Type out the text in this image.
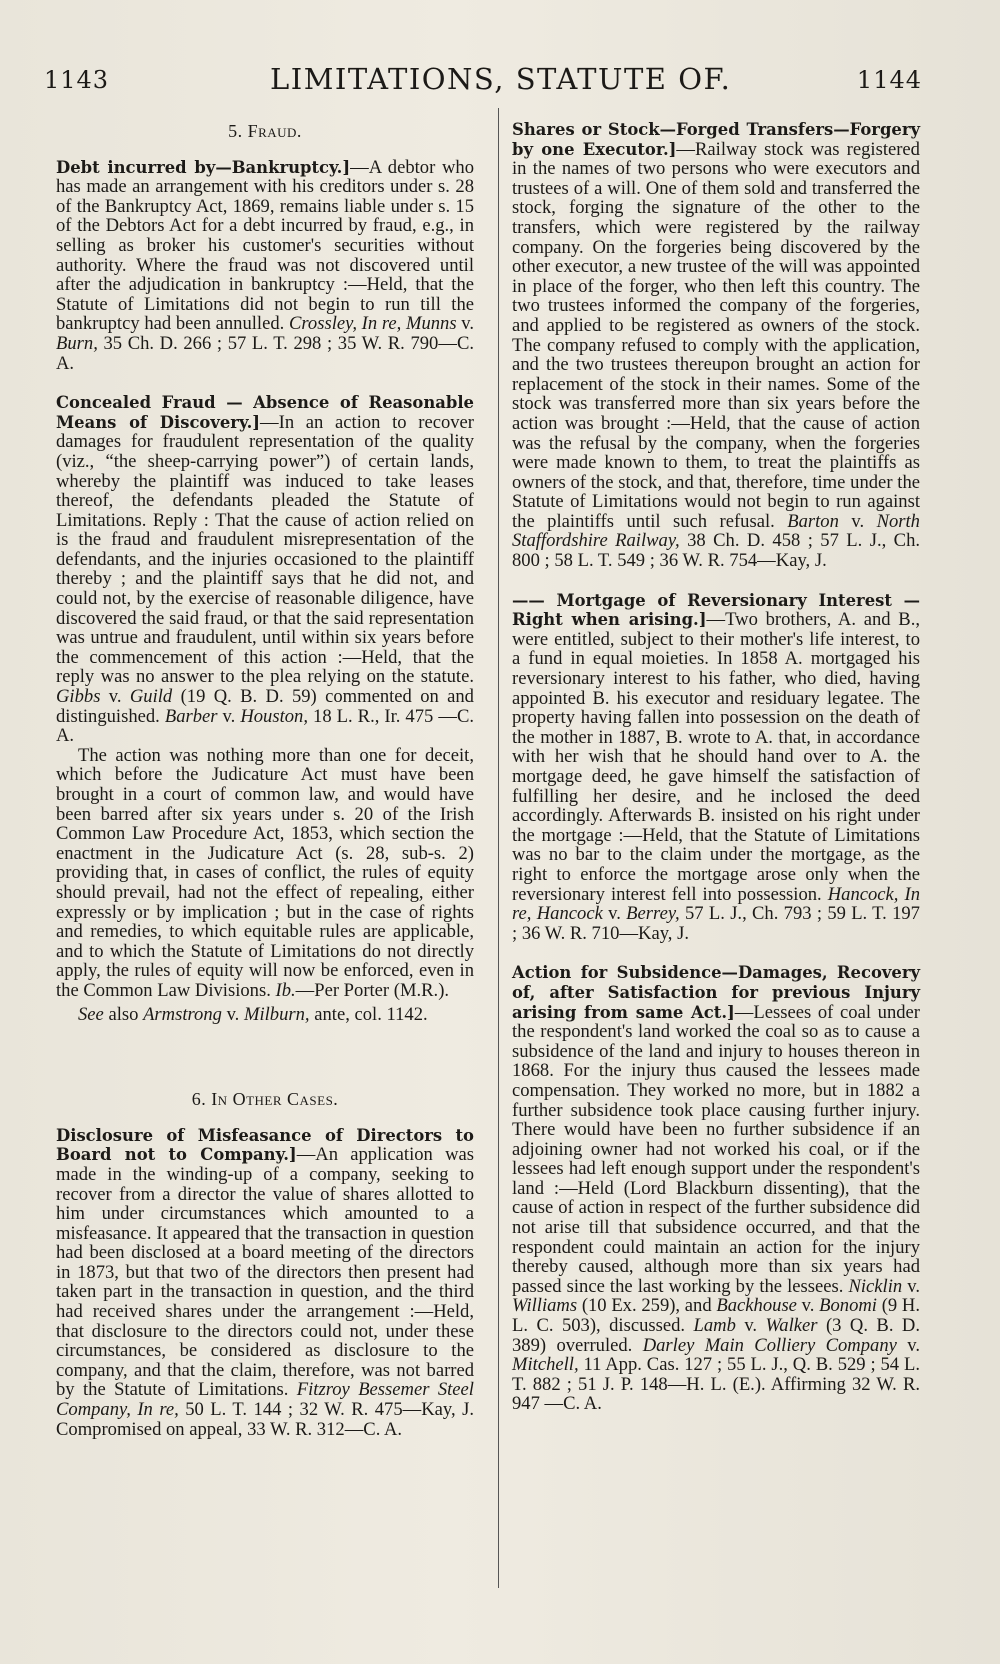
1143	LIMITATIONS, STATUTE OF.	1144
5. Fraud.

Debt incurred by—Bankruptcy.]—A debtor who has made an arrangement with his creditors under s. 28 of the Bankruptcy Act, 1869, remains liable under s. 15 of the Debtors Act for a debt incurred by fraud, e.g., in selling as broker his customer's securities without authority. Where the fraud was not discovered until after the adjudication in bankruptcy :—Held, that the Statute of Limitations did not begin to run till the bankruptcy had been annulled. Crossley, In re, Munns v. Burn, 35 Ch. D. 266 ; 57 L. T. 298 ; 35 W. R. 790—C. A.

Concealed Fraud — Absence of Reasonable Means of Discovery.]—In an action to recover damages for fraudulent representation of the quality (viz., “the sheep-carrying power”) of certain lands, whereby the plaintiff was induced to take leases thereof, the defendants pleaded the Statute of Limitations. Reply : That the cause of action relied on is the fraud and fraudulent misrepresentation of the defendants, and the injuries occasioned to the plaintiff thereby ; and the plaintiff says that he did not, and could not, by the exercise of reasonable diligence, have discovered the said fraud, or that the said representation was untrue and fraudulent, until within six years before the commencement of this action :—Held, that the reply was no answer to the plea relying on the statute. Gibbs v. Guild (19 Q. B. D. 59) commented on and distinguished. Barber v. Houston, 18 L. R., Ir. 475 —C. A.

The action was nothing more than one for deceit, which before the Judicature Act must have been brought in a court of common law, and would have been barred after six years under s. 20 of the Irish Common Law Procedure Act, 1853, which section the enactment in the Judicature Act (s. 28, sub-s. 2) providing that, in cases of conflict, the rules of equity should prevail, had not the effect of repealing, either expressly or by implication ; but in the case of rights and remedies, to which equitable rules are applicable, and to which the Statute of Limitations do not directly apply, the rules of equity will now be enforced, even in the Common Law Divisions. Ib.—Per Porter (M.R.).

See also Armstrong v. Milburn, ante, col. 1142.

6. In Other Cases.

Disclosure of Misfeasance of Directors to Board not to Company.]—An application was made in the winding-up of a company, seeking to recover from a director the value of shares allotted to him under circumstances which amounted to a misfeasance. It appeared that the transaction in question had been disclosed at a board meeting of the directors in 1873, but that two of the directors then present had taken part in the transaction in question, and the third had received shares under the arrangement :—Held, that disclosure to the directors could not, under these circumstances, be considered as disclosure to the company, and that the claim, therefore, was not barred by the Statute of Limitations. Fitzroy Bessemer Steel Company, In re, 50 L. T. 144 ; 32 W. R. 475—Kay, J. Compromised on appeal, 33 W. R. 312—C. A.

Shares or Stock—Forged Transfers—Forgery by one Executor.]—Railway stock was registered in the names of two persons who were executors and trustees of a will. One of them sold and transferred the stock, forging the signature of the other to the transfers, which were registered by the railway company. On the forgeries being discovered by the other executor, a new trustee of the will was appointed in place of the forger, who then left this country. The two trustees informed the company of the forgeries, and applied to be registered as owners of the stock. The company refused to comply with the application, and the two trustees thereupon brought an action for replacement of the stock in their names. Some of the stock was transferred more than six years before the action was brought :—Held, that the cause of action was the refusal by the company, when the forgeries were made known to them, to treat the plaintiffs as owners of the stock, and that, therefore, time under the Statute of Limitations would not begin to run against the plaintiffs until such refusal. Barton v. North Staffordshire Railway, 38 Ch. D. 458 ; 57 L. J., Ch. 800 ; 58 L. T. 549 ; 36 W. R. 754—Kay, J.

—— Mortgage of Reversionary Interest — Right when arising.]—Two brothers, A. and B., were entitled, subject to their mother's life interest, to a fund in equal moieties. In 1858 A. mortgaged his reversionary interest to his father, who died, having appointed B. his executor and residuary legatee. The property having fallen into possession on the death of the mother in 1887, B. wrote to A. that, in accordance with her wish that he should hand over to A. the mortgage deed, he gave himself the satisfaction of fulfilling her desire, and he inclosed the deed accordingly. Afterwards B. insisted on his right under the mortgage :—Held, that the Statute of Limitations was no bar to the claim under the mortgage, as the right to enforce the mortgage arose only when the reversionary interest fell into possession. Hancock, In re, Hancock v. Berrey, 57 L. J., Ch. 793 ; 59 L. T. 197 ; 36 W. R. 710—Kay, J.

Action for Subsidence—Damages, Recovery of, after Satisfaction for previous Injury arising from same Act.]—Lessees of coal under the respondent's land worked the coal so as to cause a subsidence of the land and injury to houses thereon in 1868. For the injury thus caused the lessees made compensation. They worked no more, but in 1882 a further subsidence took place causing further injury. There would have been no further subsidence if an adjoining owner had not worked his coal, or if the lessees had left enough support under the respondent's land :—Held (Lord Blackburn dissenting), that the cause of action in respect of the further subsidence did not arise till that subsidence occurred, and that the respondent could maintain an action for the injury thereby caused, although more than six years had passed since the last working by the lessees. Nicklin v. Williams (10 Ex. 259), and Backhouse v. Bonomi (9 H. L. C. 503), discussed. Lamb v. Walker (3 Q. B. D. 389) overruled. Darley Main Colliery Company v. Mitchell, 11 App. Cas. 127 ; 55 L. J., Q. B. 529 ; 54 L. T. 882 ; 51 J. P. 148—H. L. (E.). Affirming 32 W. R. 947 —C. A.
